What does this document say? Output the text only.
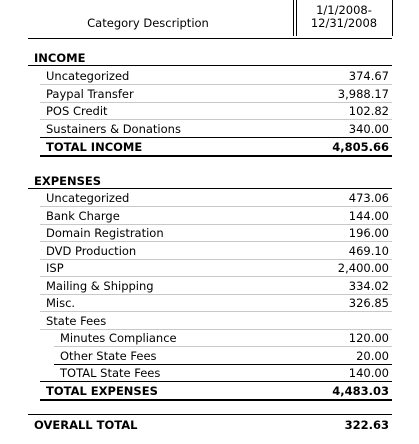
Category Description
1/1/2008-
12/31/2008
INCOME
Uncategorized	374.67
Paypal Transfer	3,988.17
POS Credit	102.82
Sustainers & Donations	340.00
TOTAL INCOME	4,805.66
EXPENSES
Uncategorized	473.06
Bank Charge	144.00
Domain Registration	196.00
DVD Production	469.10
ISP	2,400.00
Mailing & Shipping	334.02
Misc.	326.85
State Fees
Minutes Compliance	120.00
Other State Fees	20.00
TOTAL State Fees	140.00
TOTAL EXPENSES	4,483.03
OVERALL TOTAL	322.63
